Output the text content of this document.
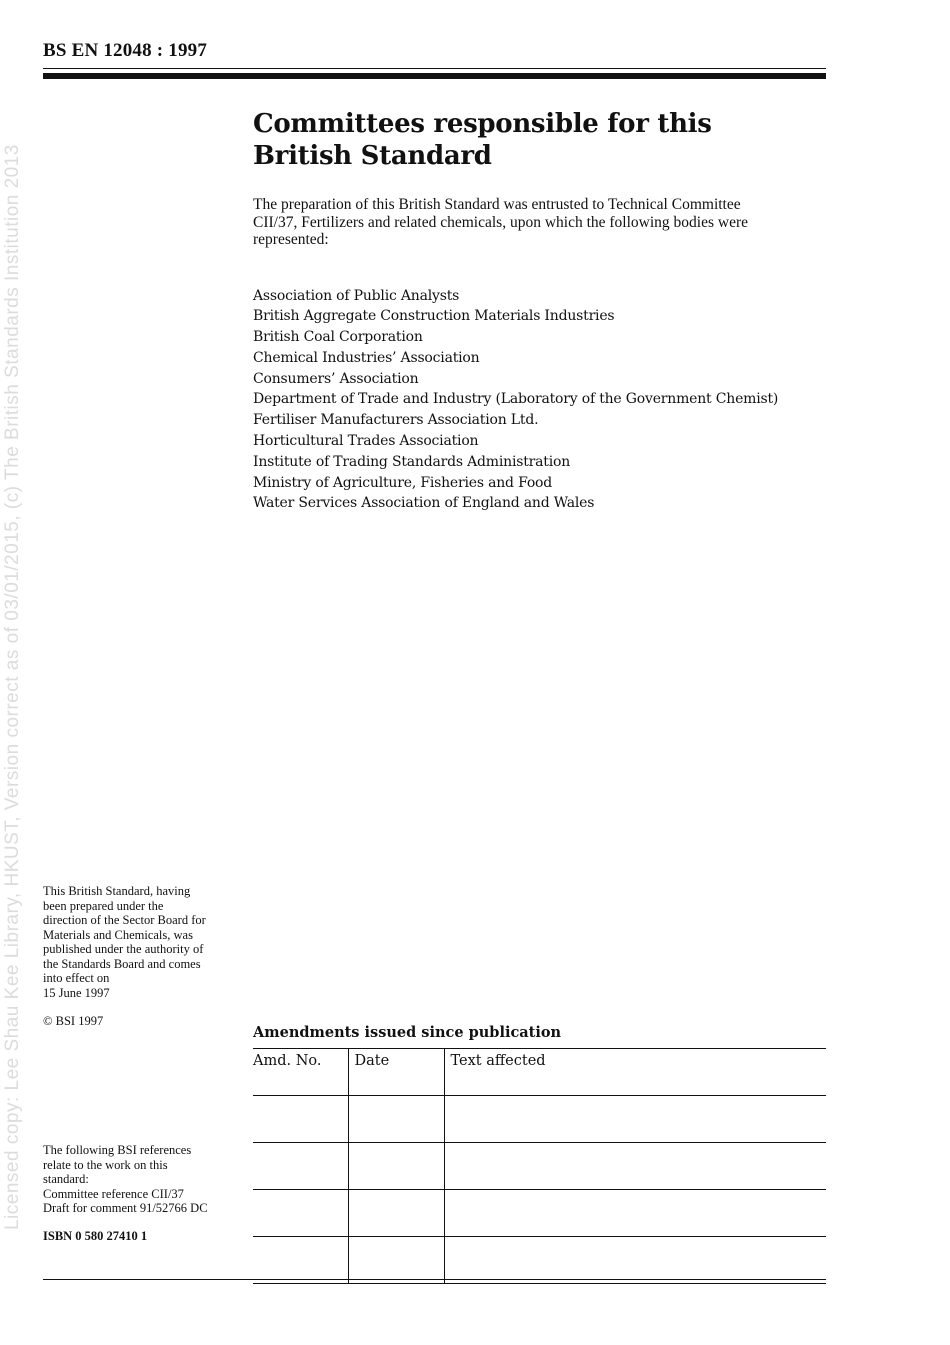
BS EN 12048 : 1997
Licensed copy: Lee Shau Kee Library, HKUST, Version correct as of 03/01/2015, (c) The British Standards Institution 2013
Committees responsible for this
British Standard

The preparation of this British Standard was entrusted to Technical Committee
CII/37, Fertilizers and related chemicals, upon which the following bodies were
represented:

Association of Public Analysts
British Aggregate Construction Materials Industries
British Coal Corporation
Chemical Industries’ Association
Consumers’ Association
Department of Trade and Industry (Laboratory of the Government Chemist)
Fertiliser Manufacturers Association Ltd.
Horticultural Trades Association
Institute of Trading Standards Administration
Ministry of Agriculture, Fisheries and Food
Water Services Association of England and Wales
This British Standard, having
been prepared under the
direction of the Sector Board for
Materials and Chemicals, was
published under the authority of
the Standards Board and comes
into effect on
15 June 1997
© BSI 1997
The following BSI references
relate to the work on this
standard:
Committee reference CII/37
Draft for comment 91/52766 DC
ISBN 0 580 27410 1
Amendments issued since publication
Amd. No.	Date	Text affected
